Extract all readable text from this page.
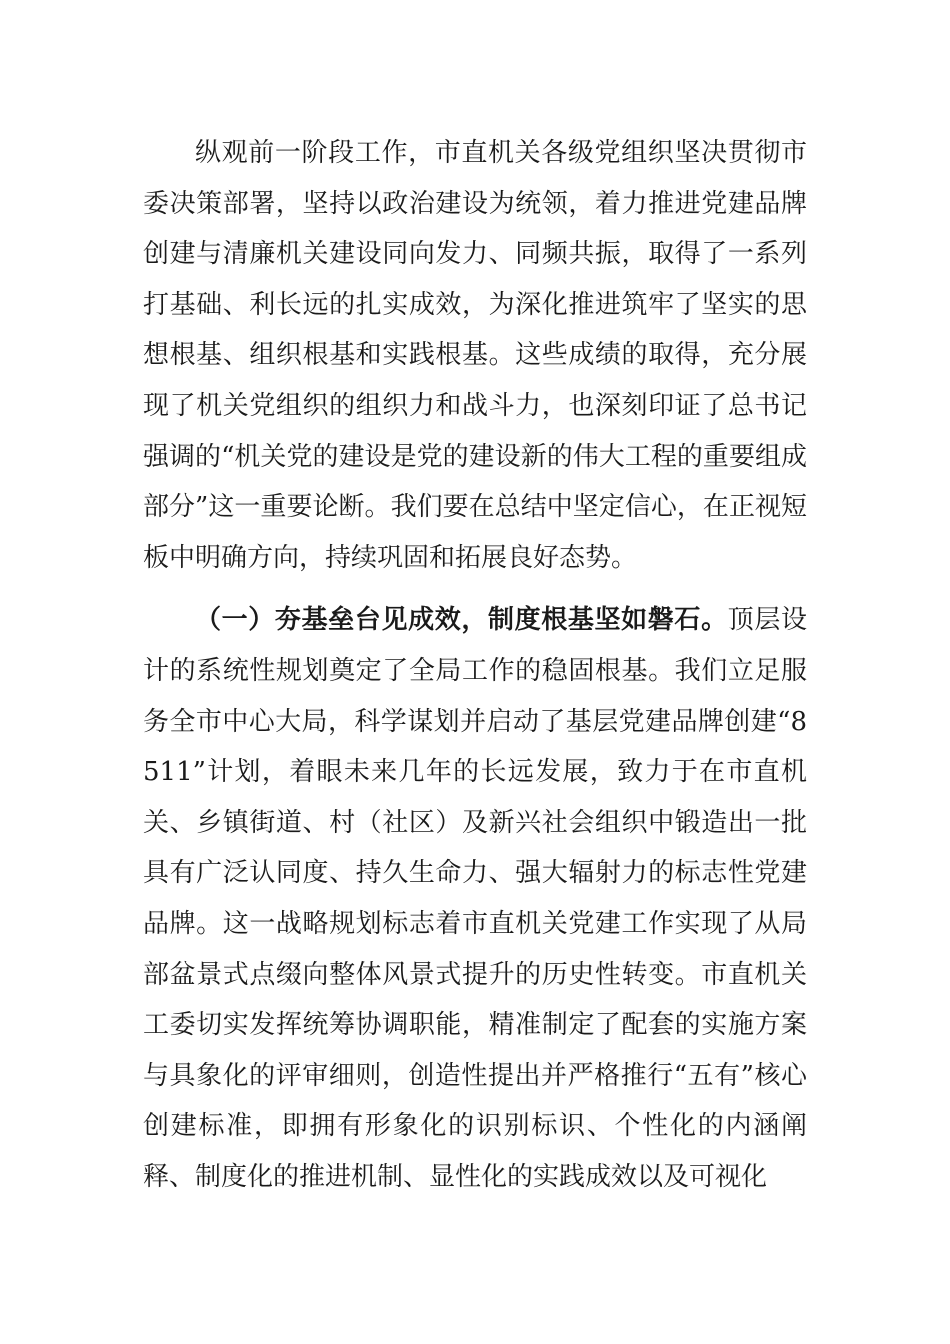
纵观前一阶段工作，市直机关各级党组织坚决贯彻市委决策部署，坚持以政治建设为统领，着力推进党建品牌创建与清廉机关建设同向发力、同频共振，取得了一系列打基础、利长远的扎实成效，为深化推进筑牢了坚实的思想根基、组织根基和实践根基。这些成绩的取得，充分展现了机关党组织的组织力和战斗力，也深刻印证了总书记强调的“机关党的建设是党的建设新的伟大工程的重要组成部分”这一重要论断。我们要在总结中坚定信心，在正视短板中明确方向，持续巩固和拓展良好态势。

（一）夯基垒台见成效，制度根基坚如磐石。顶层设计的系统性规划奠定了全局工作的稳固根基。我们立足服务全市中心大局，科学谋划并启动了基层党建品牌创建“8511”计划，着眼未来几年的长远发展，致力于在市直机关、乡镇街道、村（社区）及新兴社会组织中锻造出一批具有广泛认同度、持久生命力、强大辐射力的标志性党建品牌。这一战略规划标志着市直机关党建工作实现了从局部盆景式点缀向整体风景式提升的历史性转变。市直机关工委切实发挥统筹协调职能，精准制定了配套的实施方案与具象化的评审细则，创造性提出并严格推行“五有”核心创建标准，即拥有形象化的识别标识、个性化的内涵阐释、制度化的推进机制、显性化的实践成效以及可视化
